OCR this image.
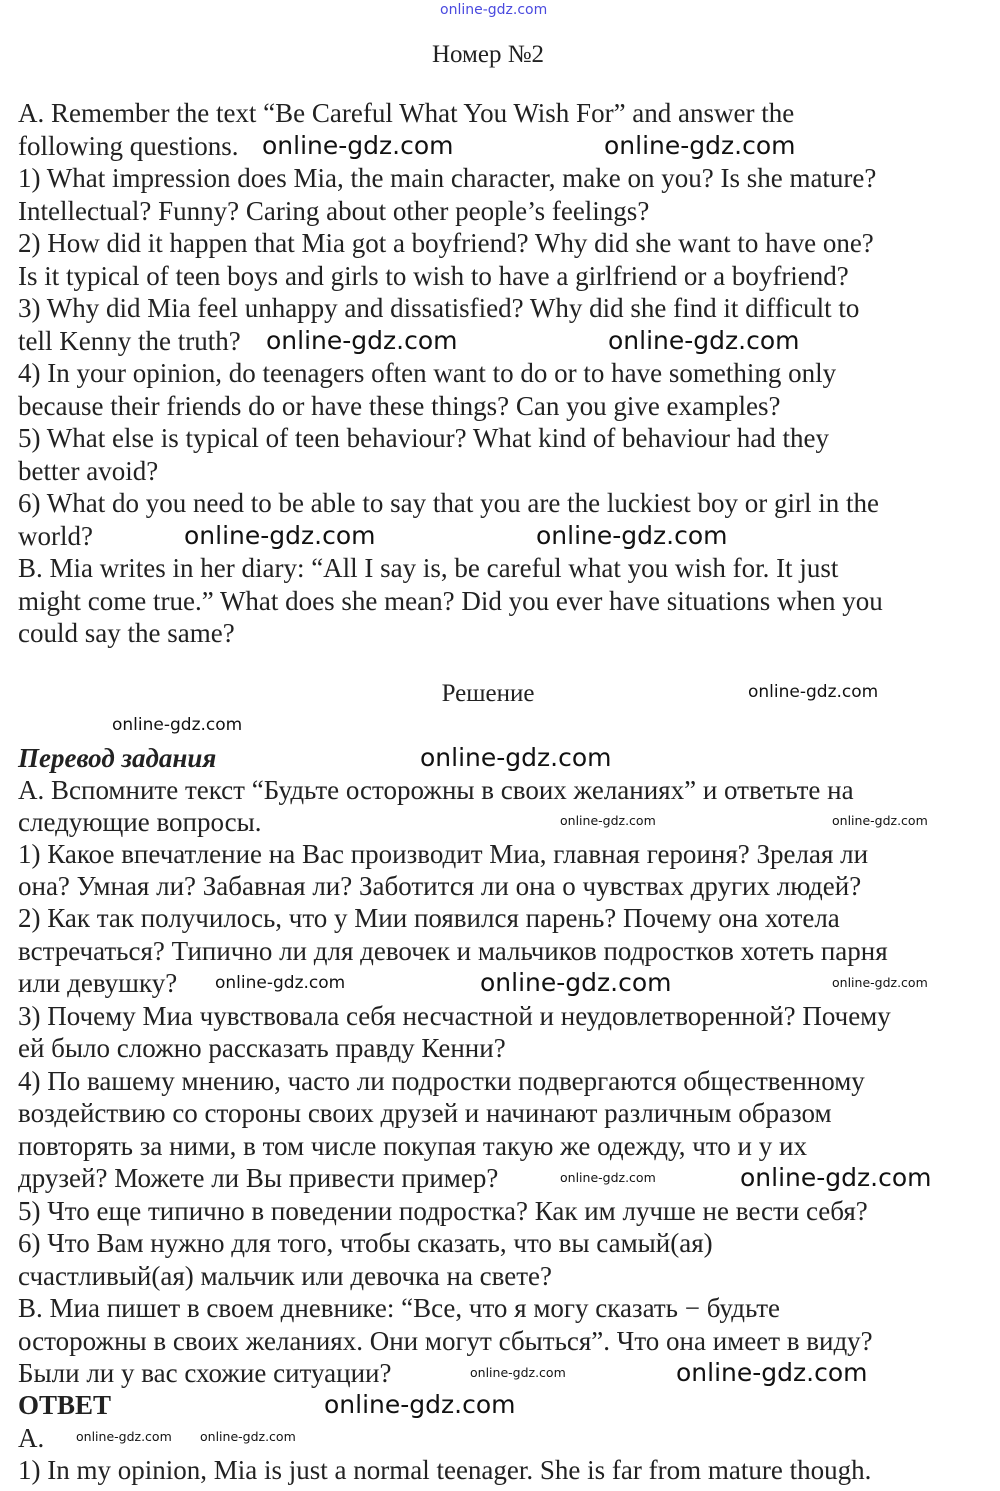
online-gdz.com
Номер №2
A. Remember the text “Be Careful What You Wish For” and answer the
following questions.
1) What impression does Mia, the main character, make on you? Is she mature?
Intellectual? Funny? Caring about other people’s feelings?
2) How did it happen that Mia got a boyfriend? Why did she want to have one?
Is it typical of teen boys and girls to wish to have a girlfriend or a boyfriend?
3) Why did Mia feel unhappy and dissatisfied? Why did she find it difficult to
tell Kenny the truth?
4) In your opinion, do teenagers often want to do or to have something only
because their friends do or have these things? Can you give examples?
5) What else is typical of teen behaviour? What kind of behaviour had they
better avoid?
6) What do you need to be able to say that you are the luckiest boy or girl in the
world?
B. Mia writes in her diary: “All I say is, be careful what you wish for. It just
might come true.” What does she mean? Did you ever have situations when you
could say the same?
Решение
Перевод задания
А. Вспомните текст “Будьте осторожны в своих желаниях” и ответьте на
следующие вопросы.
1) Какое впечатление на Вас производит Миа, главная героиня? Зрелая ли
она? Умная ли? Забавная ли? Заботится ли она о чувствах других людей?
2) Как так получилось, что у Мии появился парень? Почему она хотела
встречаться? Типично ли для девочек и мальчиков подростков хотеть парня
или девушку?
3) Почему Миа чувствовала себя несчастной и неудовлетворенной? Почему
ей было сложно рассказать правду Кенни?
4) По вашему мнению, часто ли подростки подвергаются общественному
воздействию со стороны своих друзей и начинают различным образом
повторять за ними, в том числе покупая такую же одежду, что и у их
друзей? Можете ли Вы привести пример?
5) Что еще типично в поведении подростка? Как им лучше не вести себя?
6) Что Вам нужно для того, чтобы сказать, что вы самый(ая)
счастливый(ая) мальчик или девочка на свете?
В. Миа пишет в своем дневнике: “Все, что я могу сказать − будьте
осторожны в своих желаниях. Они могут сбыться”. Что она имеет в виду?
Были ли у вас схожие ситуации?
ОТВЕТ
А.
1) In my opinion, Mia is just a normal teenager. She is far from mature though.
online-gdz.com	online-gdz.com
online-gdz.com	online-gdz.com
online-gdz.com	online-gdz.com
online-gdz.com
online-gdz.com
online-gdz.com
online-gdz.com
online-gdz.com
online-gdz.com
online-gdz.com
online-gdz.com
online-gdz.com
online-gdz.com
online-gdz.com
online-gdz.com
online-gdz.com
online-gdz.com
online-gdz.com
